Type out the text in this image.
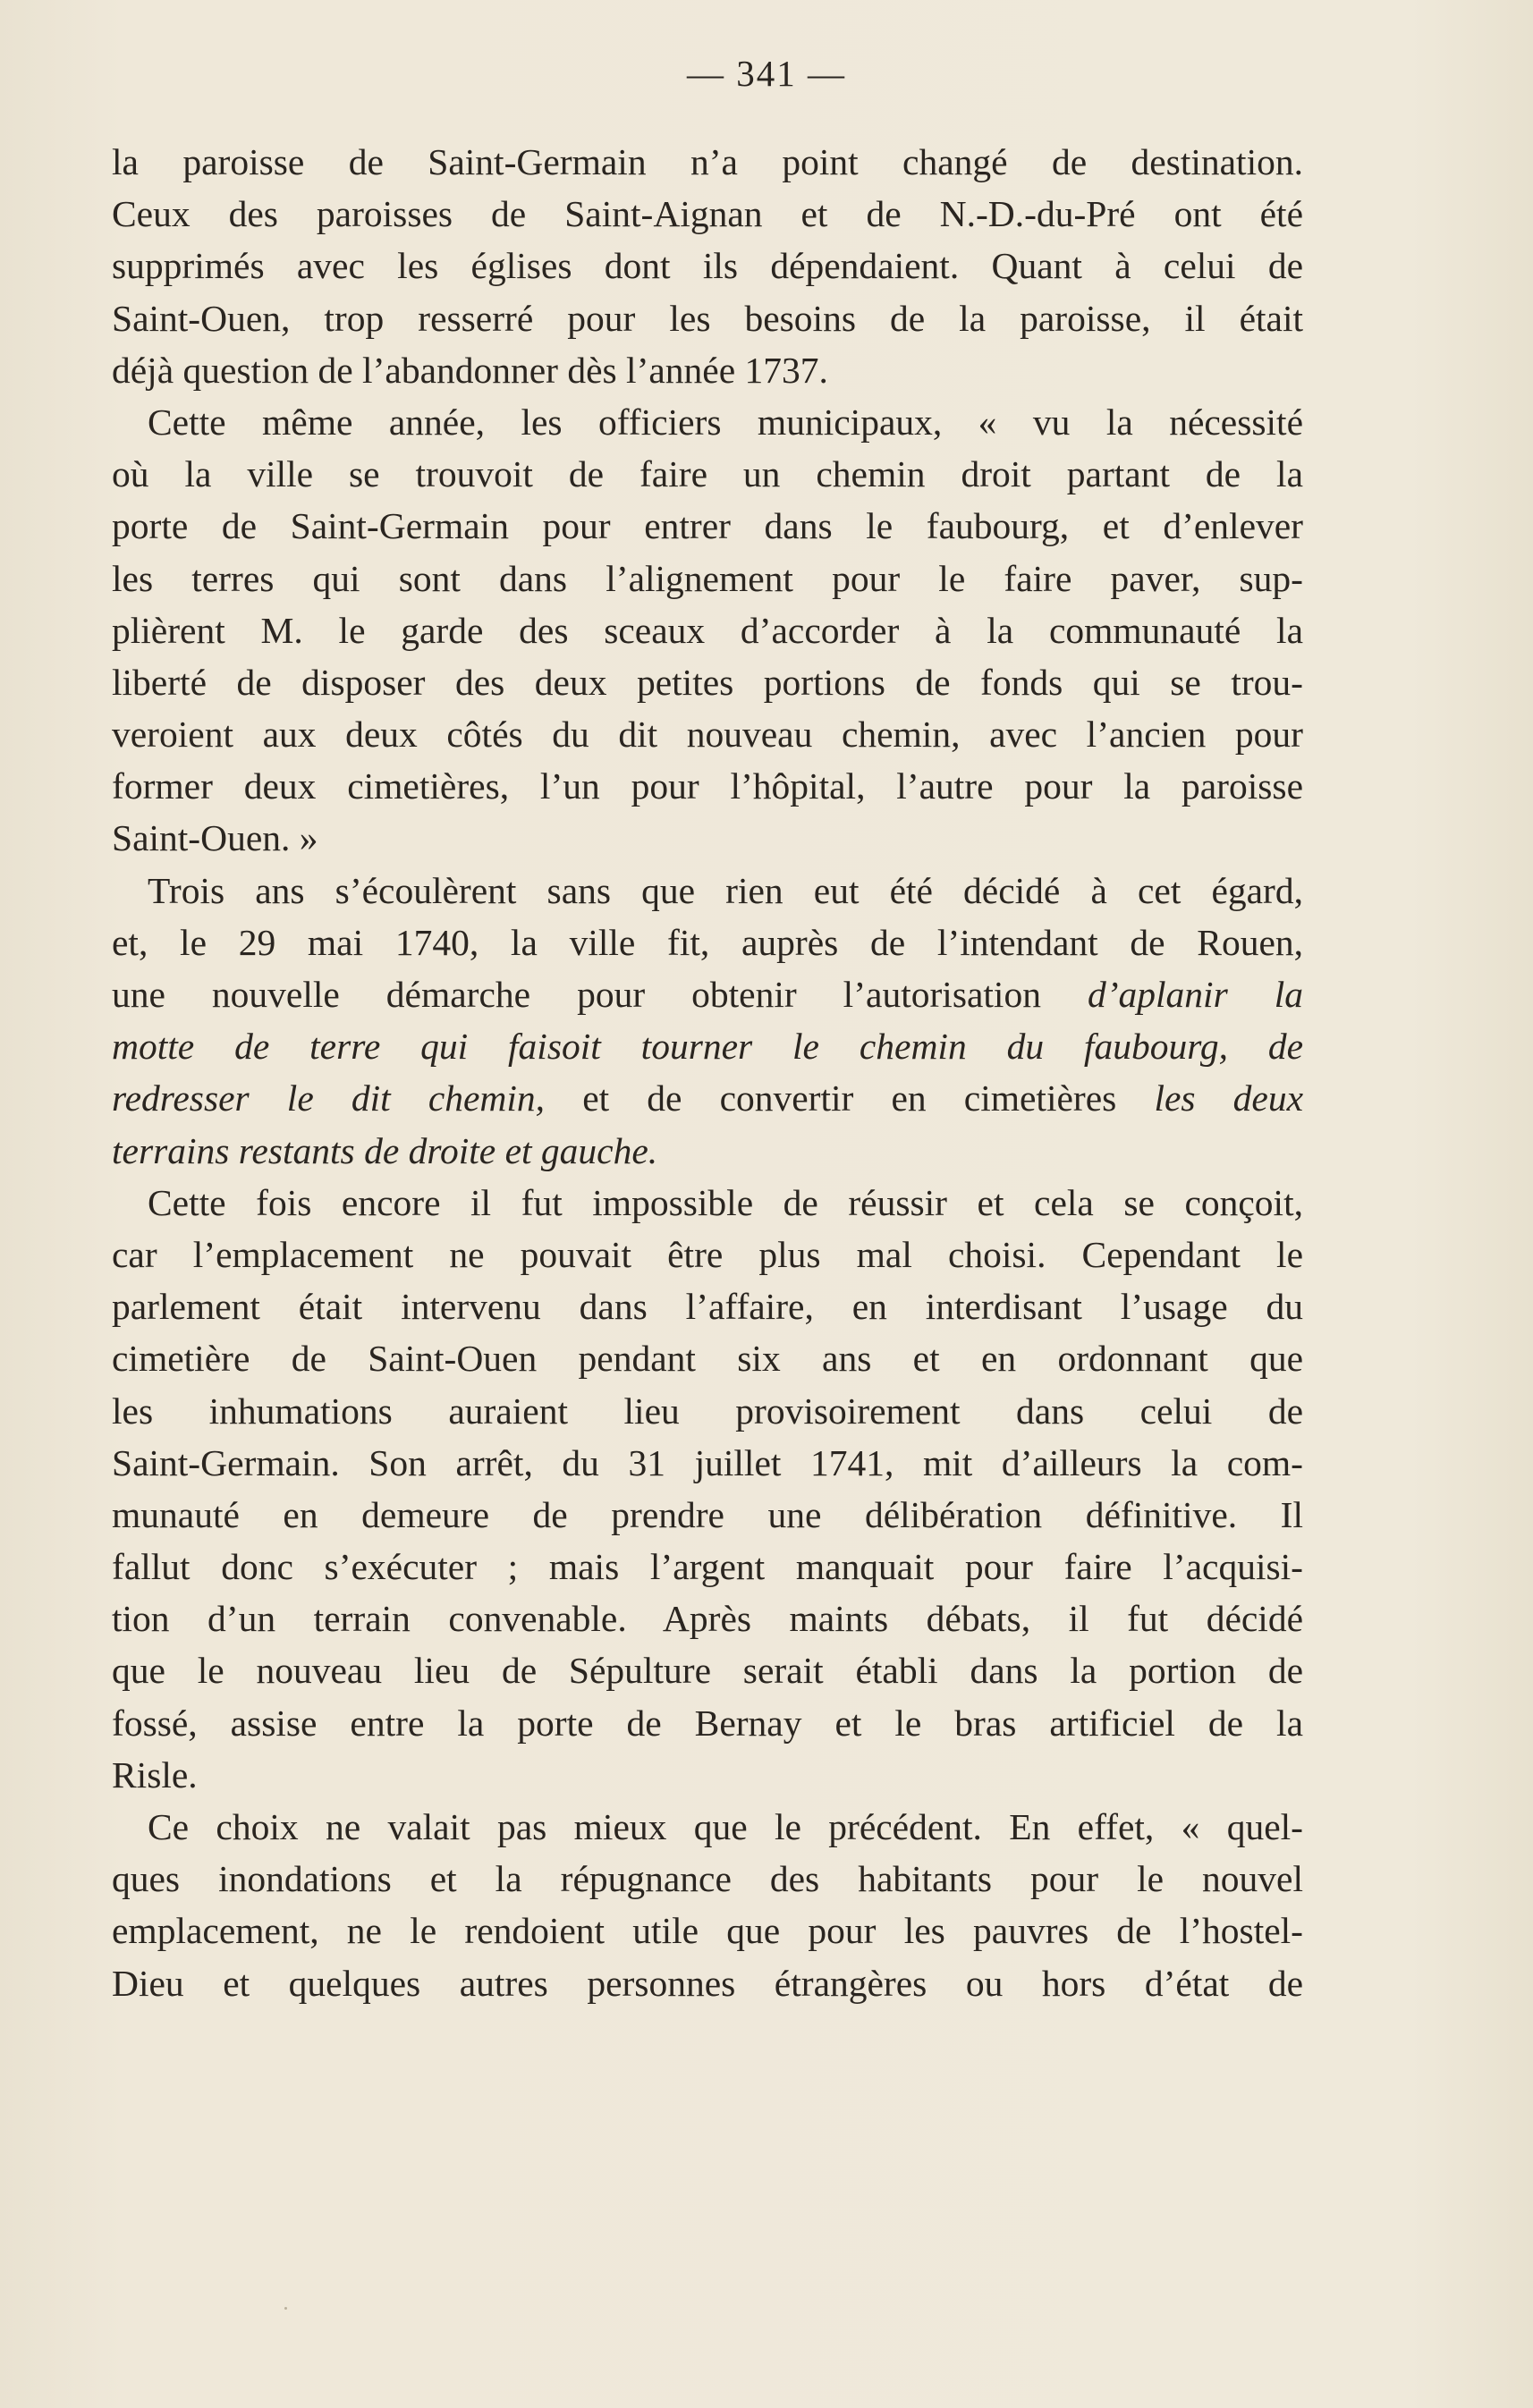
— 341 —
la paroisse de Saint-Germain n’a point changé de destination.
Ceux des paroisses de Saint-Aignan et de N.-D.-du-Pré ont été
supprimés avec les églises dont ils dépendaient. Quant à celui de
Saint-Ouen, trop resserré pour les besoins de la paroisse, il était
déjà question de l’abandonner dès l’année 1737.
Cette même année, les officiers municipaux, « vu la nécessité
où la ville se trouvoit de faire un chemin droit partant de la
porte de Saint-Germain pour entrer dans le faubourg, et d’enlever
les terres qui sont dans l’alignement pour le faire paver, sup-
plièrent M. le garde des sceaux d’accorder à la communauté la
liberté de disposer des deux petites portions de fonds qui se trou-
veroient aux deux côtés du dit nouveau chemin, avec l’ancien pour
former deux cimetières, l’un pour l’hôpital, l’autre pour la paroisse
Saint-Ouen. »
Trois ans s’écoulèrent sans que rien eut été décidé à cet égard,
et, le 29 mai 1740, la ville fit, auprès de l’intendant de Rouen,
une nouvelle démarche pour obtenir l’autorisation d’aplanir la
motte de terre qui faisoit tourner le chemin du faubourg, de
redresser le dit chemin, et de convertir en cimetières les deux
terrains restants de droite et gauche.
Cette fois encore il fut impossible de réussir et cela se conçoit,
car l’emplacement ne pouvait être plus mal choisi. Cependant le
parlement était intervenu dans l’affaire, en interdisant l’usage du
cimetière de Saint-Ouen pendant six ans et en ordonnant que
les inhumations auraient lieu provisoirement dans celui de
Saint-Germain. Son arrêt, du 31 juillet 1741, mit d’ailleurs la com-
munauté en demeure de prendre une délibération définitive. Il
fallut donc s’exécuter ; mais l’argent manquait pour faire l’acquisi-
tion d’un terrain convenable. Après maints débats, il fut décidé
que le nouveau lieu de Sépulture serait établi dans la portion de
fossé, assise entre la porte de Bernay et le bras artificiel de la
Risle.
Ce choix ne valait pas mieux que le précédent. En effet, « quel-
ques inondations et la répugnance des habitants pour le nouvel
emplacement, ne le rendoient utile que pour les pauvres de l’hostel-
Dieu et quelques autres personnes étrangères ou hors d’état de
